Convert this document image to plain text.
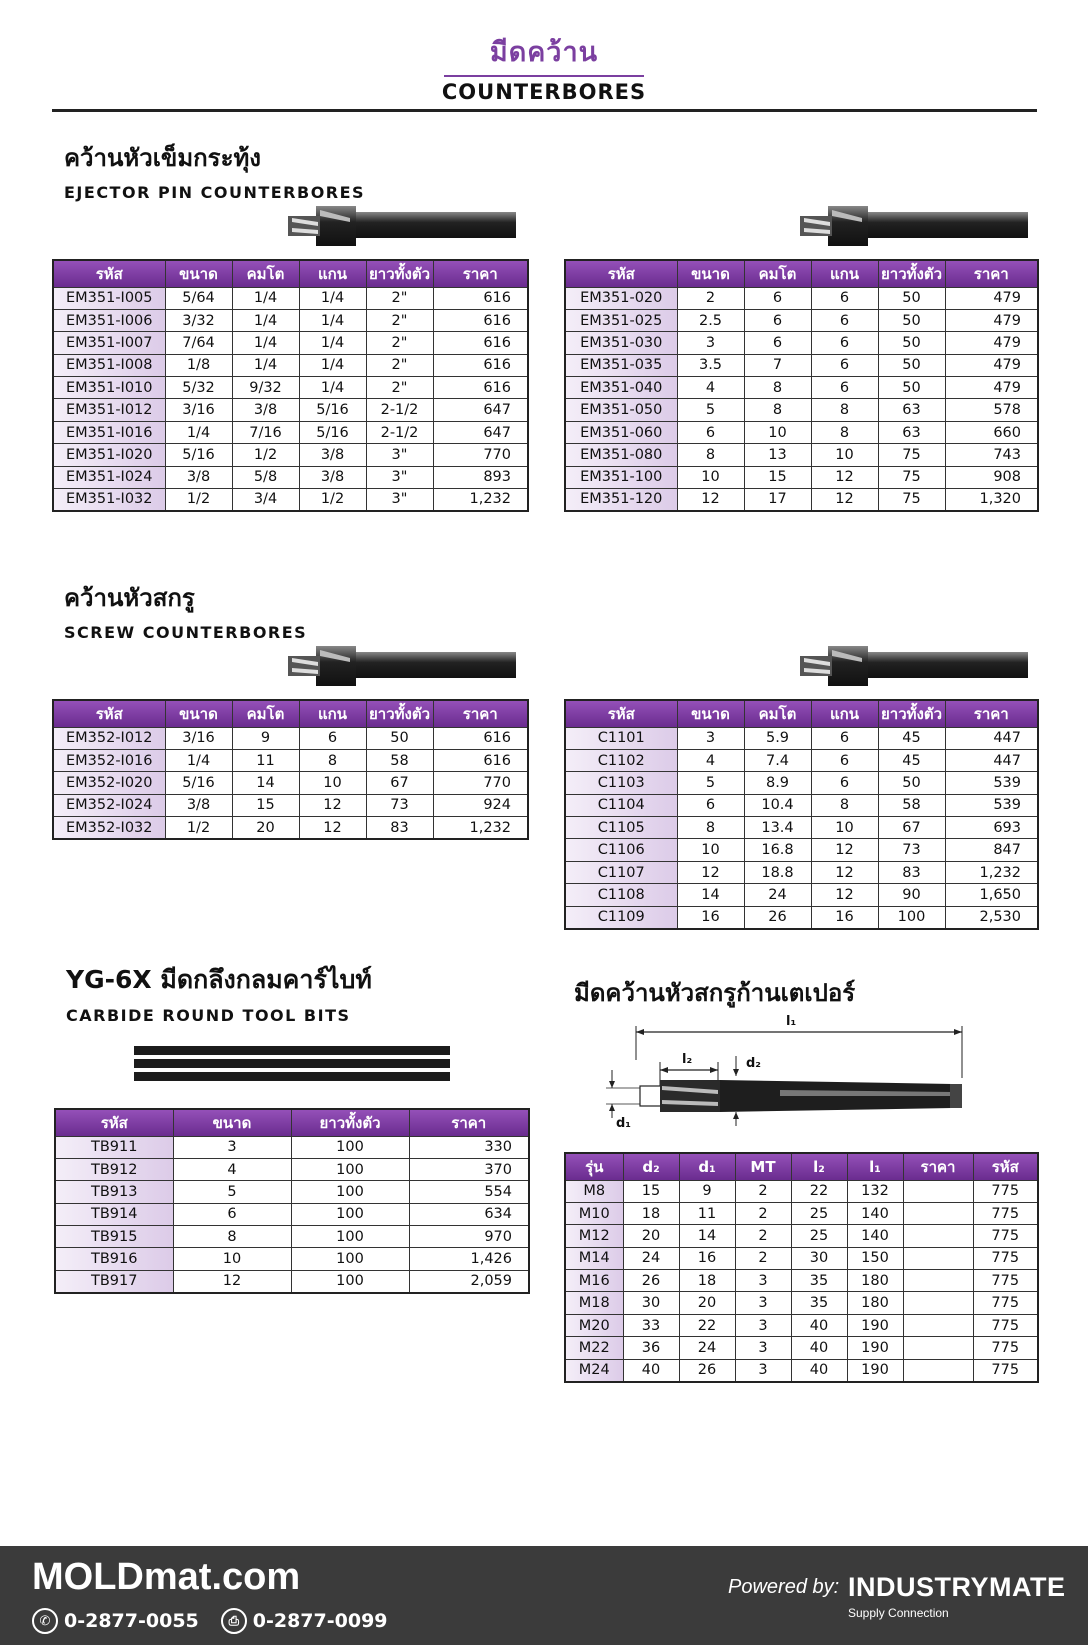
มีดคว้าน
COUNTERBORES
คว้านหัวเข็มกระทุ้ง
EJECTOR PIN COUNTERBORES
รหัส	ขนาด	คมโต	แกน	ยาวทั้งตัว	ราคา
EM351-I005	5/64	1/4	1/4	2"	616
EM351-I006	3/32	1/4	1/4	2"	616
EM351-I007	7/64	1/4	1/4	2"	616
EM351-I008	1/8	1/4	1/4	2"	616
EM351-I010	5/32	9/32	1/4	2"	616
EM351-I012	3/16	3/8	5/16	2-1/2	647
EM351-I016	1/4	7/16	5/16	2-1/2	647
EM351-I020	5/16	1/2	3/8	3"	770
EM351-I024	3/8	5/8	3/8	3"	893
EM351-I032	1/2	3/4	1/2	3"	1,232
รหัส	ขนาด	คมโต	แกน	ยาวทั้งตัว	ราคา
EM351-020	2	6	6	50	479
EM351-025	2.5	6	6	50	479
EM351-030	3	6	6	50	479
EM351-035	3.5	7	6	50	479
EM351-040	4	8	6	50	479
EM351-050	5	8	8	63	578
EM351-060	6	10	8	63	660
EM351-080	8	13	10	75	743
EM351-100	10	15	12	75	908
EM351-120	12	17	12	75	1,320
คว้านหัวสกรู
SCREW COUNTERBORES
รหัส	ขนาด	คมโต	แกน	ยาวทั้งตัว	ราคา
EM352-I012	3/16	9	6	50	616
EM352-I016	1/4	11	8	58	616
EM352-I020	5/16	14	10	67	770
EM352-I024	3/8	15	12	73	924
EM352-I032	1/2	20	12	83	1,232
รหัส	ขนาด	คมโต	แกน	ยาวทั้งตัว	ราคา
C1101	3	5.9	6	45	447
C1102	4	7.4	6	45	447
C1103	5	8.9	6	50	539
C1104	6	10.4	8	58	539
C1105	8	13.4	10	67	693
C1106	10	16.8	12	73	847
C1107	12	18.8	12	83	1,232
C1108	14	24	12	90	1,650
C1109	16	26	16	100	2,530
YG-6X มีดกลึงกลมคาร์ไบท์
CARBIDE ROUND TOOL BITS
รหัส	ขนาด	ยาวทั้งตัว	ราคา
TB911	3	100	330
TB912	4	100	370
TB913	5	100	554
TB914	6	100	634
TB915	8	100	970
TB916	10	100	1,426
TB917	12	100	2,059
มีดคว้านหัวสกรูก้านเตเปอร์
l₁
l₂	d₂
d₁
รุ่น	d₂	d₁	MT	l₂	l₁	ราคา	รหัส
M8	15	9	2	22	132		775
M10	18	11	2	25	140		775
M12	20	14	2	25	140		775
M14	24	16	2	30	150		775
M16	26	18	3	35	180		775
M18	30	20	3	35	180		775
M20	33	22	3	40	190		775
M22	36	24	3	40	190		775
M24	40	26	3	40	190		775
MOLDmat.com
✆ 0-2877-0055	⎙ 0-2877-0099
Powered by: INDUSTRYMATE
Supply Connection
